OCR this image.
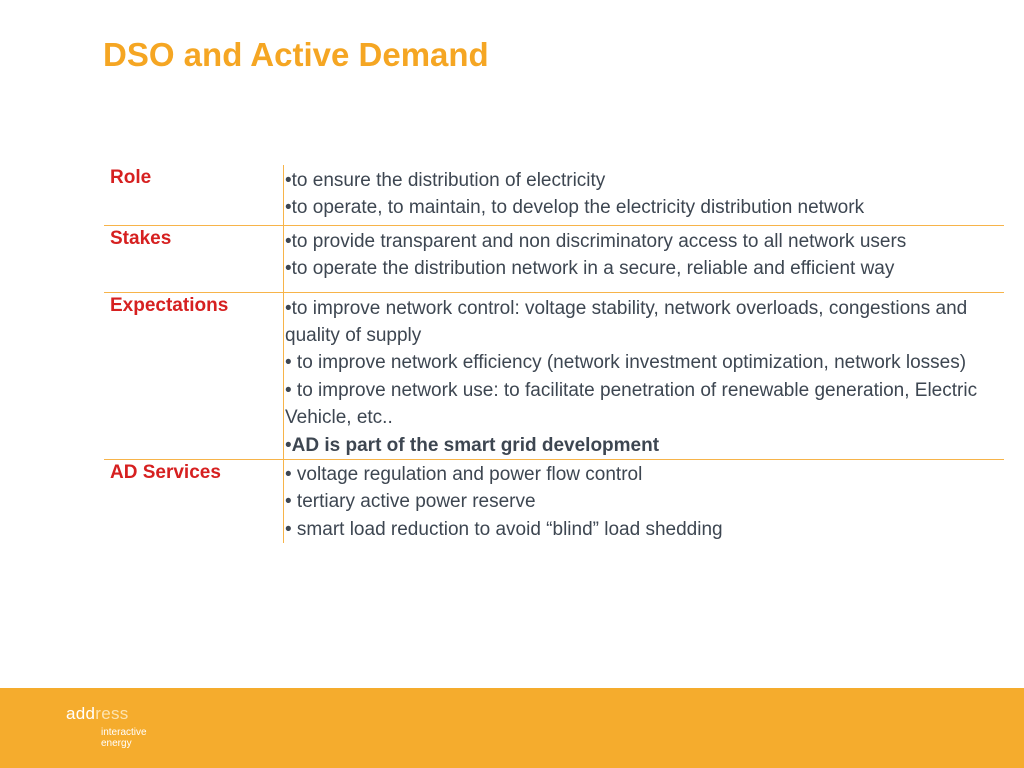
DSO and Active Demand
Role	•to ensure the distribution of electricity

•to operate, to maintain, to develop the electricity distribution network

Stakes	•to provide transparent and non discriminatory access to all network users

•to operate the distribution network in a secure, reliable and efficient way

Expectations	•to improve network control: voltage stability, network overloads, congestions and quality of supply

• to improve network efficiency (network investment optimization, network losses)

• to improve network use: to facilitate penetration of renewable generation, Electric Vehicle, etc..

•AD is part of the smart grid development

AD Services	• voltage regulation and power flow control

• tertiary active power reserve

• smart load reduction to avoid “blind” load shedding

address
interactive
energy
